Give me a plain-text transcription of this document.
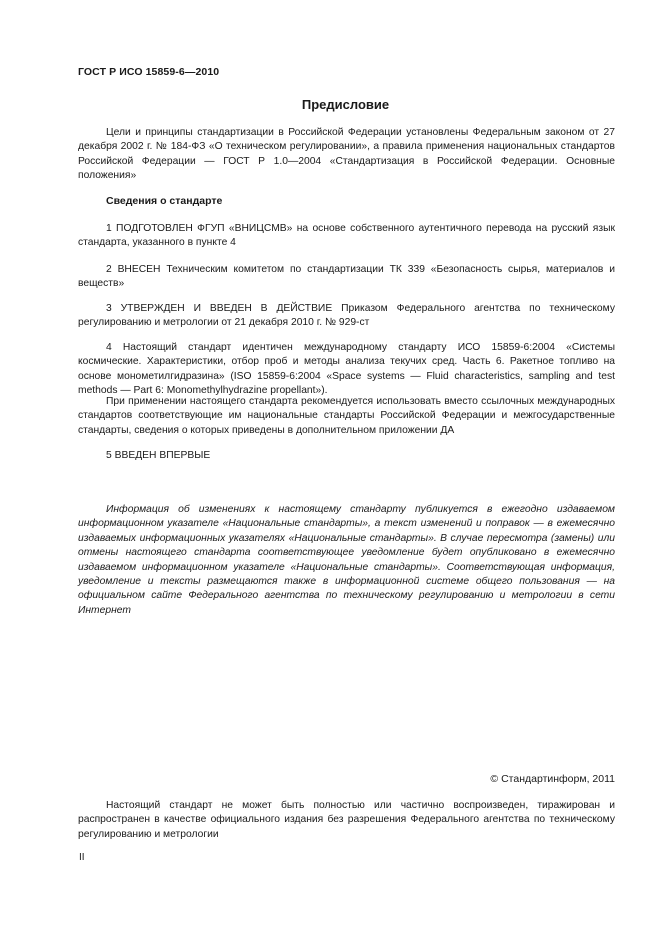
ГОСТ Р ИСО 15859-6—2010
Предисловие

Цели и принципы стандартизации в Российской Федерации установлены Федеральным законом от 27 декабря 2002 г. № 184-ФЗ «О техническом регулировании», а правила применения национальных стандартов Российской Федерации — ГОСТ Р 1.0—2004 «Стандартизация в Российской Федерации. Основные положения»

Сведения о стандарте

1 ПОДГОТОВЛЕН ФГУП «ВНИЦСМВ» на основе собственного аутентичного перевода на русский язык стандарта, указанного в пункте 4

2 ВНЕСЕН Техническим комитетом по стандартизации ТК 339 «Безопасность сырья, материалов и веществ»

3 УТВЕРЖДЕН И ВВЕДЕН В ДЕЙСТВИЕ Приказом Федерального агентства по техническому регулированию и метрологии от 21 декабря 2010 г. № 929-ст

4 Настоящий стандарт идентичен международному стандарту ИСО 15859-6:2004 «Системы космические. Характеристики, отбор проб и методы анализа текучих сред. Часть 6. Ракетное топливо на основе монометилгидразина» (ISO 15859-6:2004 «Space systems — Fluid characteristics, sampling and test methods — Part 6: Monomethylhydrazine propellant»).

При применении настоящего стандарта рекомендуется использовать вместо ссылочных международных стандартов соответствующие им национальные стандарты Российской Федерации и межгосударственные стандарты, сведения о которых приведены в дополнительном приложении ДА

5 ВВЕДЕН ВПЕРВЫЕ

Информация об изменениях к настоящему стандарту публикуется в ежегодно издаваемом информационном указателе «Национальные стандарты», а текст изменений и поправок — в ежемесячно издаваемых информационных указателях «Национальные стандарты». В случае пересмотра (замены) или отмены настоящего стандарта соответствующее уведомление будет опубликовано в ежемесячно издаваемом информационном указателе «Национальные стандарты». Соответствующая информация, уведомление и тексты размещаются также в информационной системе общего пользования — на официальном сайте Федерального агентства по техническому регулированию и метрологии в сети Интернет

© Стандартинформ, 2011

Настоящий стандарт не может быть полностью или частично воспроизведен, тиражирован и распространен в качестве официального издания без разрешения Федерального агентства по техническому регулированию и метрологии

II
